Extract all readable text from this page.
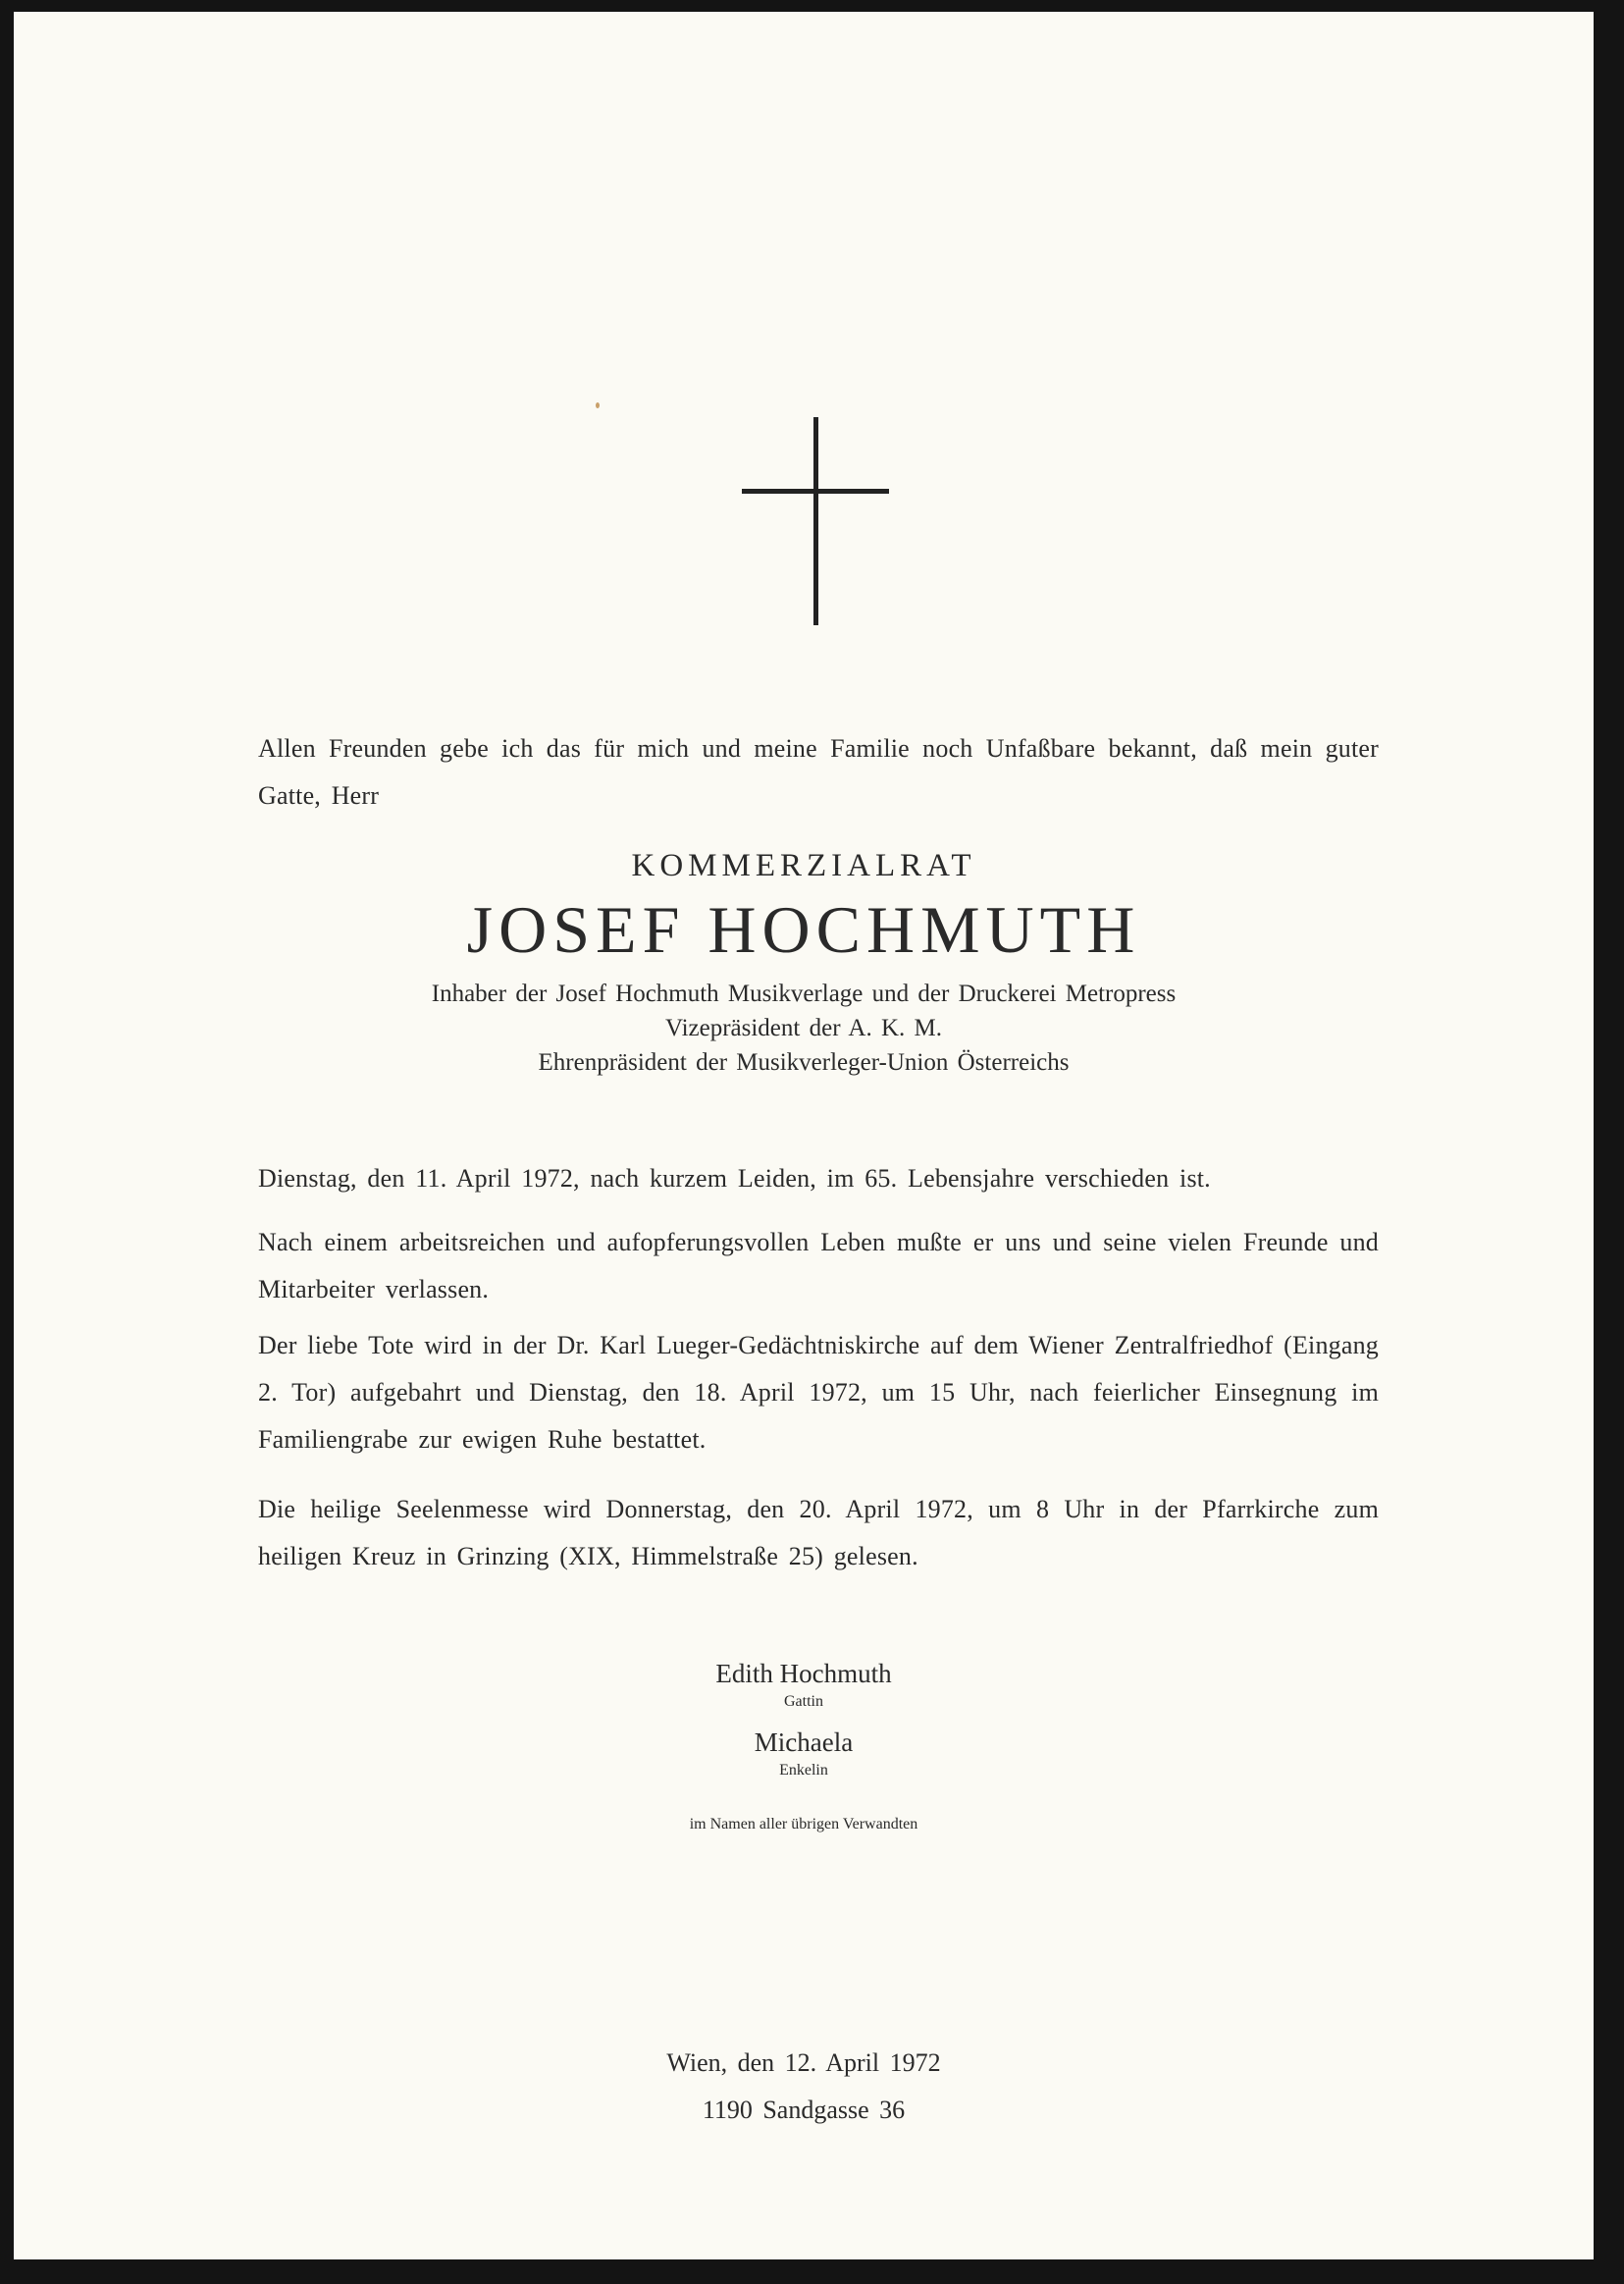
Allen Freunden gebe ich das für mich und meine Familie noch Unfaßbare bekannt, daß mein guter Gatte, Herr
KOMMERZIALRAT
JOSEF HOCHMUTH
Inhaber der Josef Hochmuth Musikverlage und der Druckerei Metropress
Vizepräsident der A. K. M.
Ehrenpräsident der Musikverleger-Union Österreichs
Dienstag, den 11. April 1972, nach kurzem Leiden, im 65. Lebensjahre verschieden ist.
Nach einem arbeitsreichen und aufopferungsvollen Leben mußte er uns und seine vielen Freunde und Mitarbeiter verlassen.
Der liebe Tote wird in der Dr. Karl Lueger-Gedächtniskirche auf dem Wiener Zentralfriedhof (Eingang 2. Tor) aufgebahrt und Dienstag, den 18. April 1972, um 15 Uhr, nach feierlicher Einsegnung im Familiengrabe zur ewigen Ruhe bestattet.
Die heilige Seelenmesse wird Donnerstag, den 20. April 1972, um 8 Uhr in der Pfarrkirche zum heiligen Kreuz in Grinzing (XIX, Himmelstraße 25) gelesen.
Edith Hochmuth
Gattin
Michaela
Enkelin
im Namen aller übrigen Verwandten
Wien, den 12. April 1972
1190 Sandgasse 36
